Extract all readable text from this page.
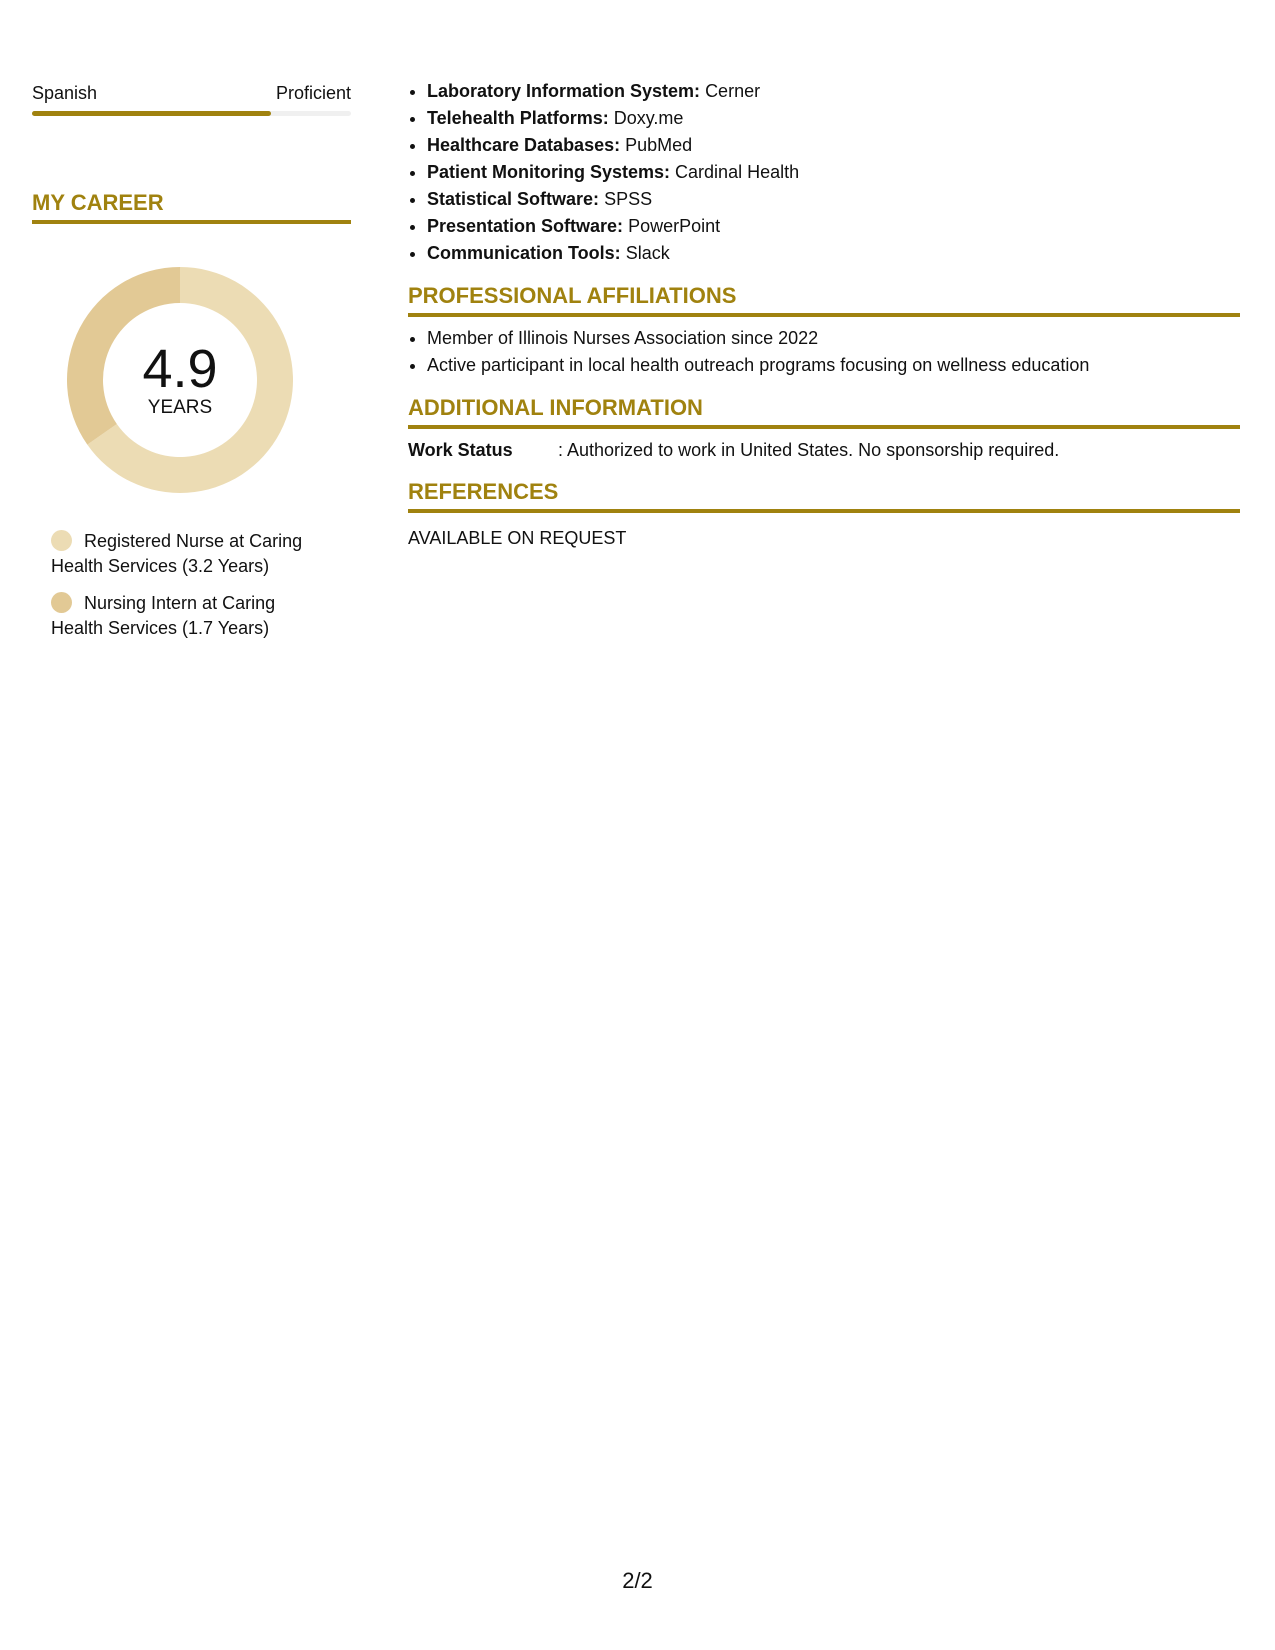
Spanish	Proficient
MY CAREER
4.9
YEARS
Registered Nurse at Caring Health Services (3.2 Years)
Nursing Intern at Caring Health Services (1.7 Years)
• Laboratory Information System: Cerner
• Telehealth Platforms: Doxy.me
• Healthcare Databases: PubMed
• Patient Monitoring Systems: Cardinal Health
• Statistical Software: SPSS
• Presentation Software: PowerPoint
• Communication Tools: Slack
PROFESSIONAL AFFILIATIONS
• Member of Illinois Nurses Association since 2022
• Active participant in local health outreach programs focusing on wellness education
ADDITIONAL INFORMATION
Work Status	: Authorized to work in United States. No sponsorship required.
REFERENCES
AVAILABLE ON REQUEST
2/2
